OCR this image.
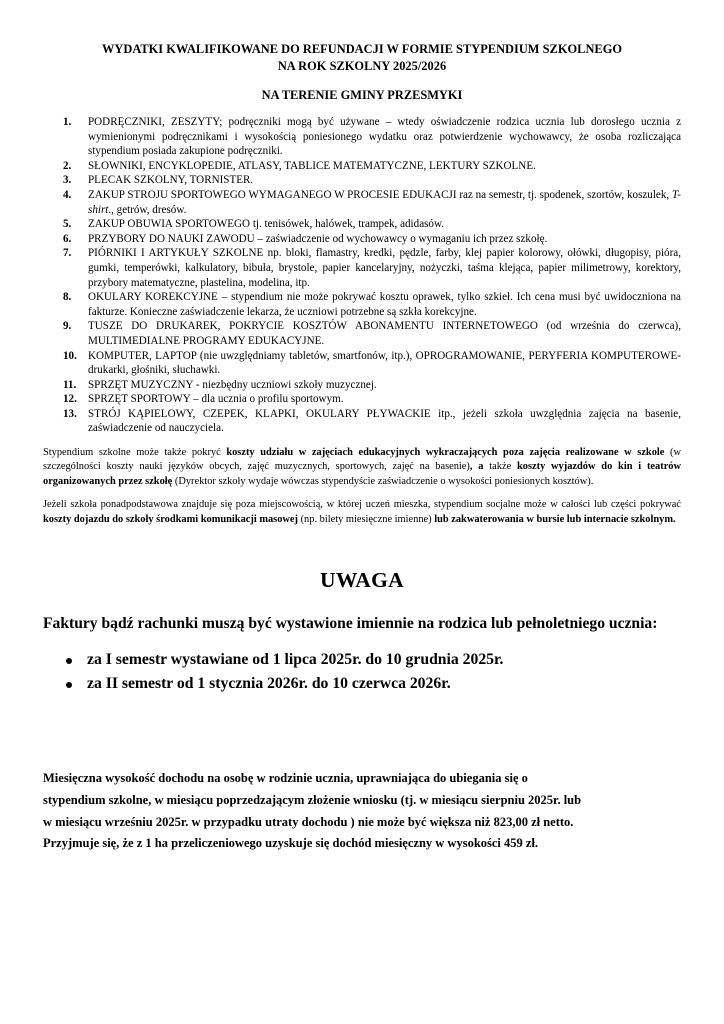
WYDATKI KWALIFIKOWANE DO REFUNDACJI W FORMIE STYPENDIUM SZKOLNEGO
NA ROK SZKOLNY 2025/2026
NA TERENIE GMINY PRZESMYKI
1.	PODRĘCZNIKI, ZESZYTY; podręczniki mogą być używane – wtedy oświadczenie rodzica ucznia lub dorosłego ucznia z wymienionymi podręcznikami i wysokością poniesionego wydatku oraz potwierdzenie wychowawcy, że osoba rozliczająca stypendium posiada zakupione podręczniki.
2.	SŁOWNIKI, ENCYKLOPEDIE, ATLASY, TABLICE MATEMATYCZNE, LEKTURY SZKOLNE.
3.	PLECAK SZKOLNY, TORNISTER.
4.	ZAKUP STROJU SPORTOWEGO WYMAGANEGO W PROCESIE EDUKACJI raz na semestr, tj. spodenek, szortów, koszulek, T-shirt., getrów, dresów.
5.	ZAKUP OBUWIA SPORTOWEGO tj. tenisówek, halówek, trampek, adidasów.
6.	PRZYBORY DO NAUKI ZAWODU – zaświadczenie od wychowawcy o wymaganiu ich przez szkołę.
7.	PIÓRNIKI I ARTYKUŁY SZKOLNE np. bloki, flamastry, kredki, pędzle, farby, klej papier kolorowy, ołówki, długopisy, pióra, gumki, temperówki, kalkulatory, bibuła, brystole, papier kancelaryjny, nożyczki, taśma klejąca, papier milimetrowy, korektory, przybory matematyczne, plastelina, modelina, itp.
8.	OKULARY KOREKCYJNE – stypendium nie może pokrywać kosztu oprawek, tylko szkieł. Ich cena musi być uwidoczniona na fakturze. Konieczne zaświadczenie lekarza, że uczniowi potrzebne są szkła korekcyjne.
9.	TUSZE DO DRUKAREK, POKRYCIE KOSZTÓW ABONAMENTU INTERNETOWEGO (od września do czerwca), MULTIMEDIALNE PROGRAMY EDUKACYJNE.
10.	KOMPUTER, LAPTOP (nie uwzględniamy tabletów, smartfonów, itp.), OPROGRAMOWANIE, PERYFERIA KOMPUTEROWE- drukarki, głośniki, słuchawki.
11.	SPRZĘT MUZYCZNY - niezbędny uczniowi szkoły muzycznej.
12.	SPRZĘT SPORTOWY – dla ucznia o profilu sportowym.
13.	STRÓJ KĄPIELOWY, CZEPEK, KLAPKI, OKULARY PŁYWACKIE itp., jeżeli szkoła uwzględnia zajęcia na basenie, zaświadczenie od nauczyciela.

Stypendium szkolne może także pokryć koszty udziału w zajęciach edukacyjnych wykraczających poza zajęcia realizowane w szkole (w szczególności koszty nauki języków obcych, zajęć muzycznych, sportowych, zajęć na basenie), a także koszty wyjazdów do kin i teatrów organizowanych przez szkołę (Dyrektor szkoły wydaje wówczas stypendyście zaświadczenie o wysokości poniesionych kosztów).

Jeżeli szkoła ponadpodstawowa znajduje się poza miejscowością, w której uczeń mieszka, stypendium socjalne może w całości lub części pokrywać koszty dojazdu do szkoły środkami komunikacji masowej (np. bilety miesięczne imienne) lub zakwaterowania w bursie lub internacie szkolnym.

UWAGA
Faktury bądź rachunki muszą być wystawione imiennie na rodzica lub pełnoletniego ucznia:
za I semestr wystawiane od 1 lipca 2025r. do 10 grudnia 2025r.
za II semestr od 1 stycznia 2026r. do 10 czerwca 2026r.
Miesięczna wysokość dochodu na osobę w rodzinie ucznia, uprawniająca do ubiegania się o
stypendium szkolne, w miesiącu poprzedzającym złożenie wniosku (tj. w miesiącu sierpniu 2025r. lub
w miesiącu wrześniu 2025r. w przypadku utraty dochodu ) nie może być większa niż 823,00 zł netto.
Przyjmuje się, że z 1 ha przeliczeniowego uzyskuje się dochód miesięczny w wysokości 459 zł.
